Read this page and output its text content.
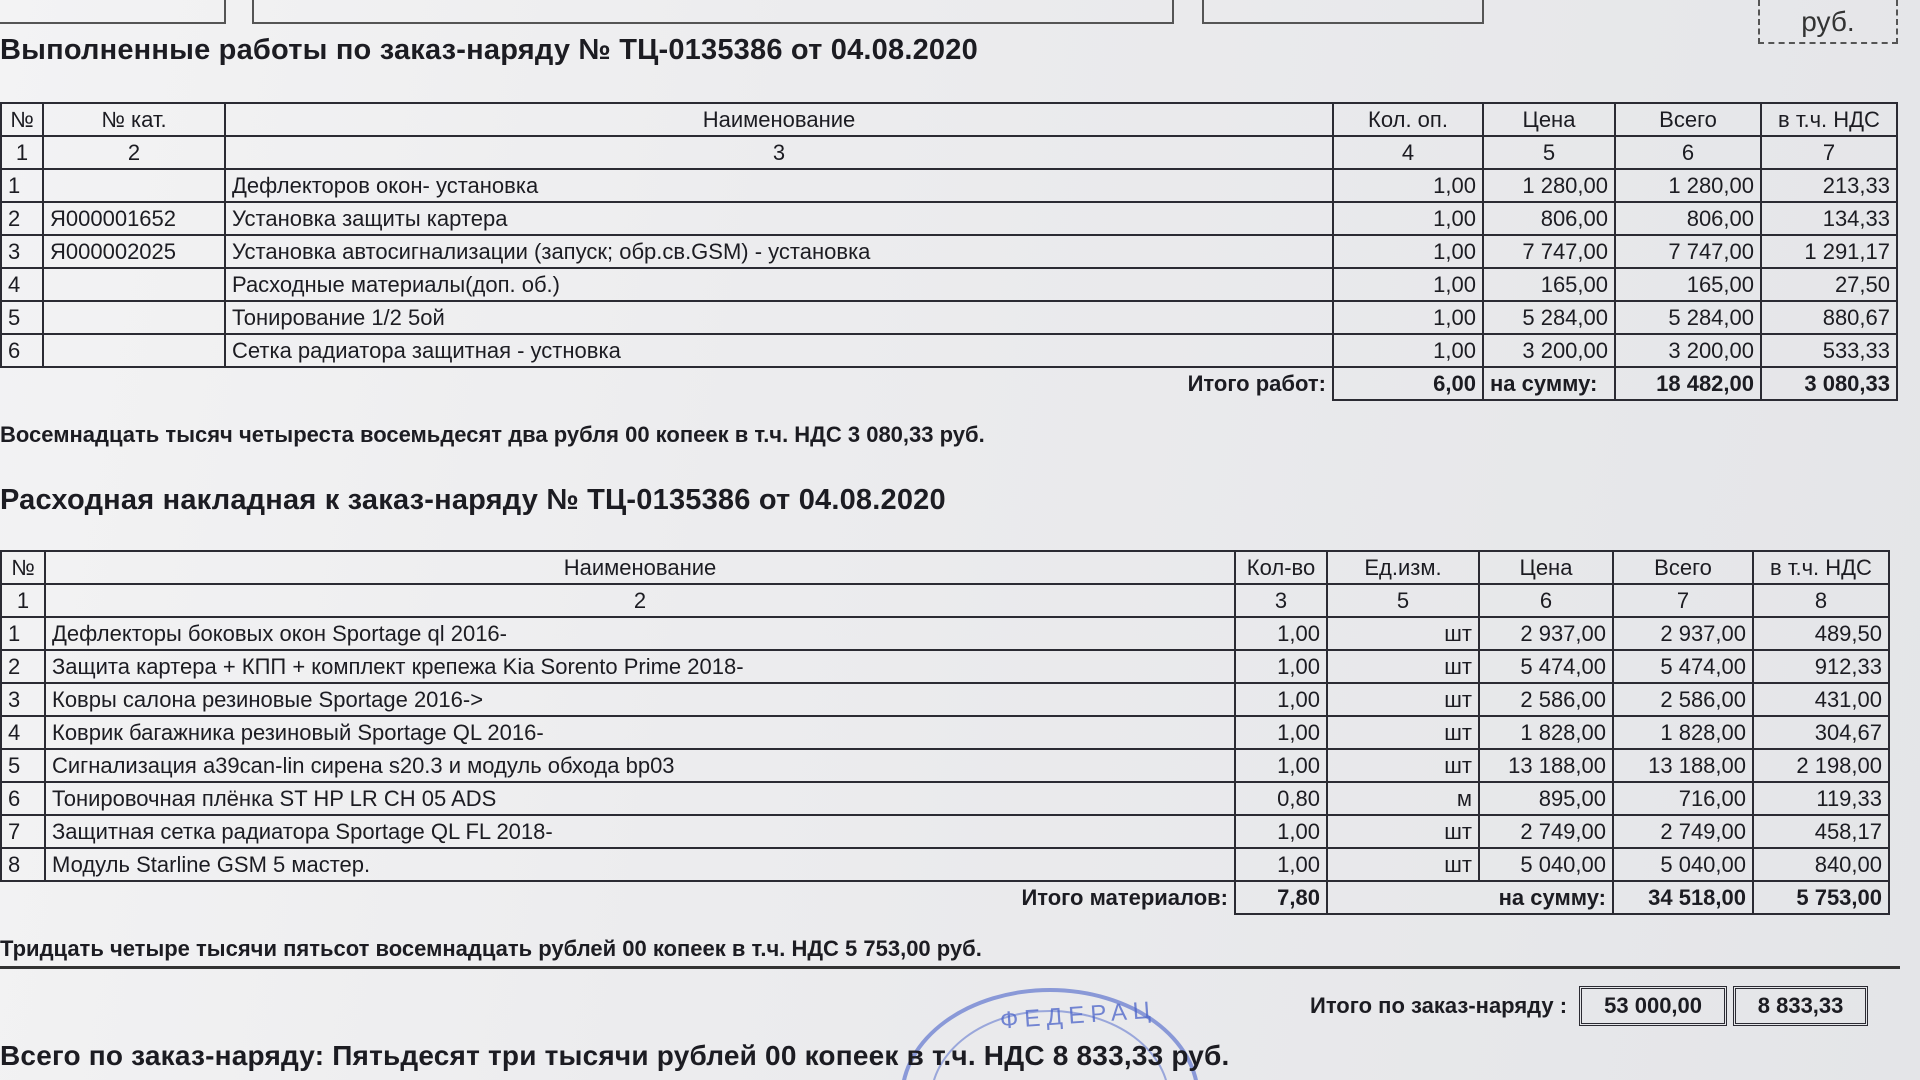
руб.
Выполненные работы по заказ-наряду № ТЦ-0135386 от 04.08.2020
№	№ кат.	Наименование	Кол. оп.	Цена	Всего	в т.ч. НДС
1	2	3	4	5	6	7
1		Дефлекторов окон- установка	1,00	1 280,00	1 280,00	213,33
2	Я000001652	Установка защиты картера	1,00	806,00	806,00	134,33
3	Я000002025	Установка автосигнализации (запуск; обр.св.GSM) - установка	1,00	7 747,00	7 747,00	1 291,17
4		Расходные материалы(доп. об.)	1,00	165,00	165,00	27,50
5		Тонирование 1/2 5ой	1,00	5 284,00	5 284,00	880,67
6		Сетка радиатора защитная - устновка	1,00	3 200,00	3 200,00	533,33
Итого работ:			6,00	на сумму:	18 482,00	3 080,33
Восемнадцать тысяч четыреста восемьдесят два рубля 00 копеек в т.ч. НДС 3 080,33 руб.
Расходная накладная к заказ-наряду № ТЦ-0135386 от 04.08.2020
№	Наименование	Кол-во	Ед.изм.	Цена	Всего	в т.ч. НДС
1	2	3	5	6	7	8
1	Дефлекторы боковых окон Sportage ql 2016-	1,00	шт	2 937,00	2 937,00	489,50
2	Защита картера + КПП + комплект крепежа Kia Sorento Prime 2018-	1,00	шт	5 474,00	5 474,00	912,33
3	Ковры салона резиновые Sportage 2016->	1,00	шт	2 586,00	2 586,00	431,00
4	Коврик багажника резиновый Sportage QL 2016-	1,00	шт	1 828,00	1 828,00	304,67
5	Сигнализация a39can-lin сирена s20.3 и модуль обхода bp03	1,00	шт	13 188,00	13 188,00	2 198,00
6	Тонировочная плёнка ST HP LR CH 05 ADS	0,80	м	895,00	716,00	119,33
7	Защитная сетка радиатора Sportage QL FL 2018-	1,00	шт	2 749,00	2 749,00	458,17
8	Модуль Starline GSM 5 мастер.	1,00	шт	5 040,00	5 040,00	840,00
Итого материалов:		7,80	на сумму:		34 518,00	5 753,00
Тридцать четыре тысячи пятьсот восемнадцать рублей 00 копеек в т.ч. НДС 5 753,00 руб.
Итого по заказ-наряду :	53 000,00	8 833,33
ФЕДЕРАЦ
Всего по заказ-наряду: Пятьдесят три тысячи рублей 00 копеек в т.ч. НДС 8 833,33 руб.
